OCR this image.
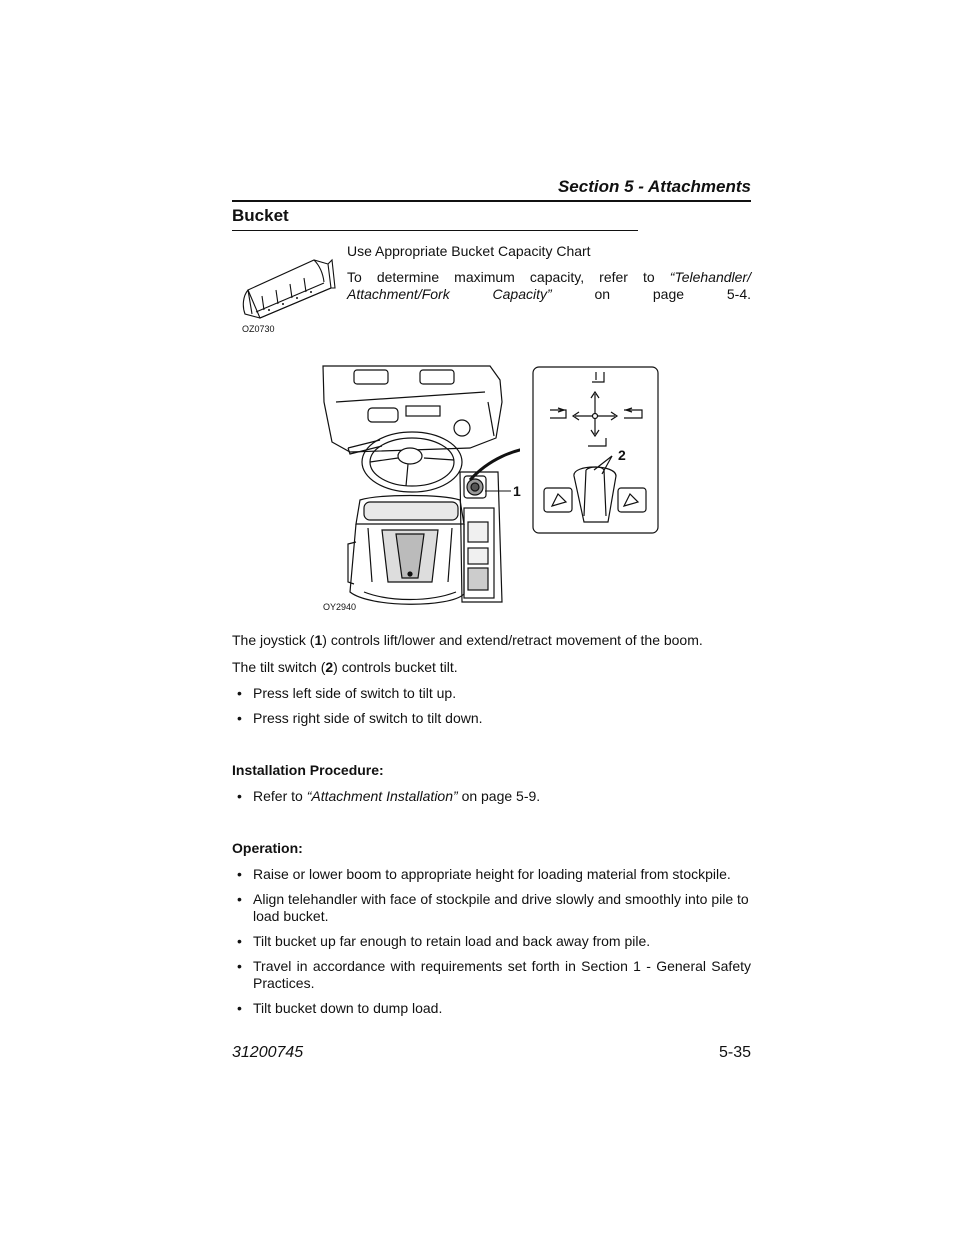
Section 5 - Attachments
Bucket
OZ0730
Use Appropriate Bucket Capacity Chart
To determine maximum capacity, refer to “Telehandler/ Attachment/Fork Capacity”	on page 5-4.
OY2940
1
2
The joystick (1) controls lift/lower and extend/retract movement of the boom.
The tilt switch (2) controls bucket tilt.
• Press left side of switch to tilt up.
• Press right side of switch to tilt down.
Installation Procedure:
• Refer to “Attachment Installation” on page 5-9.
Operation:
• Raise or lower boom to appropriate height for loading material from stockpile.
• Align telehandler with face of stockpile and drive slowly and smoothly into pile to load bucket.
• Tilt bucket up far enough to retain load and back away from pile.
• Travel in accordance with requirements set forth in Section 1 - General Safety Practices.
• Tilt bucket down to dump load.
31200745	5-35
